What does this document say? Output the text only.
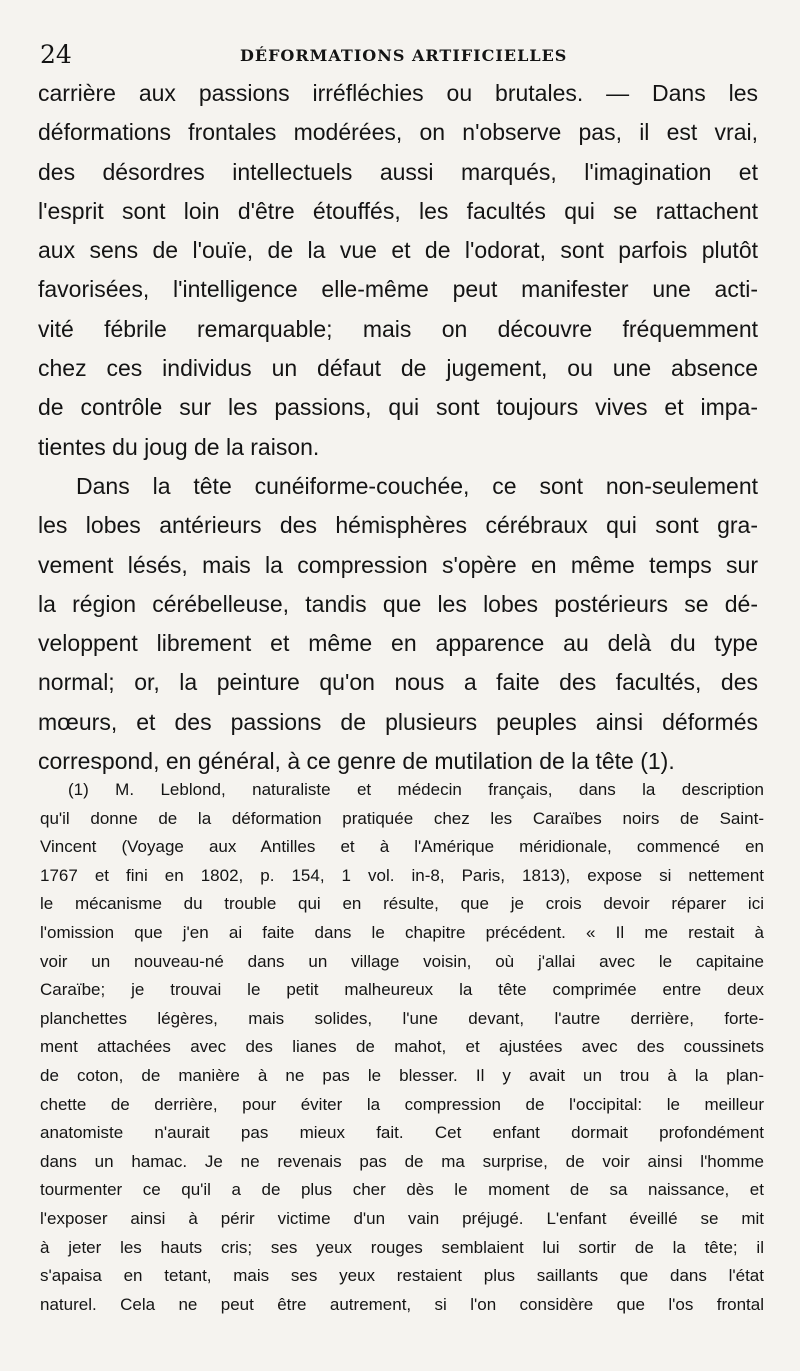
24	DÉFORMATIONS ARTIFICIELLES
carrière aux passions irréfléchies ou brutales. — Dans les
déformations frontales modérées, on n'observe pas, il est vrai,
des désordres intellectuels aussi marqués, l'imagination et
l'esprit sont loin d'être étouffés, les facultés qui se rattachent
aux sens de l'ouïe, de la vue et de l'odorat, sont parfois plutôt
favorisées, l'intelligence elle-même peut manifester une acti-
vité fébrile remarquable; mais on découvre fréquemment
chez ces individus un défaut de jugement, ou une absence
de contrôle sur les passions, qui sont toujours vives et impa-
tientes du joug de la raison.
Dans la tête cunéiforme-couchée, ce sont non-seulement
les lobes antérieurs des hémisphères cérébraux qui sont gra-
vement lésés, mais la compression s'opère en même temps sur
la région cérébelleuse, tandis que les lobes postérieurs se dé-
veloppent librement et même en apparence au delà du type
normal; or, la peinture qu'on nous a faite des facultés, des
mœurs, et des passions de plusieurs peuples ainsi déformés
correspond, en général, à ce genre de mutilation de la tête (1).
(1) M. Leblond, naturaliste et médecin français, dans la description
qu'il donne de la déformation pratiquée chez les Caraïbes noirs de Saint-
Vincent (Voyage aux Antilles et à l'Amérique méridionale, commencé en
1767 et fini en 1802, p. 154, 1 vol. in-8, Paris, 1813), expose si nettement
le mécanisme du trouble qui en résulte, que je crois devoir réparer ici
l'omission que j'en ai faite dans le chapitre précédent. « Il me restait à
voir un nouveau-né dans un village voisin, où j'allai avec le capitaine
Caraïbe; je trouvai le petit malheureux la tête comprimée entre deux
planchettes légères, mais solides, l'une devant, l'autre derrière, forte-
ment attachées avec des lianes de mahot, et ajustées avec des coussinets
de coton, de manière à ne pas le blesser. Il y avait un trou à la plan-
chette de derrière, pour éviter la compression de l'occipital: le meilleur
anatomiste n'aurait pas mieux fait. Cet enfant dormait profondément
dans un hamac. Je ne revenais pas de ma surprise, de voir ainsi l'homme
tourmenter ce qu'il a de plus cher dès le moment de sa naissance, et
l'exposer ainsi à périr victime d'un vain préjugé. L'enfant éveillé se mit
à jeter les hauts cris; ses yeux rouges semblaient lui sortir de la tête; il
s'apaisa en tetant, mais ses yeux restaient plus saillants que dans l'état
naturel. Cela ne peut être autrement, si l'on considère que l'os frontal
